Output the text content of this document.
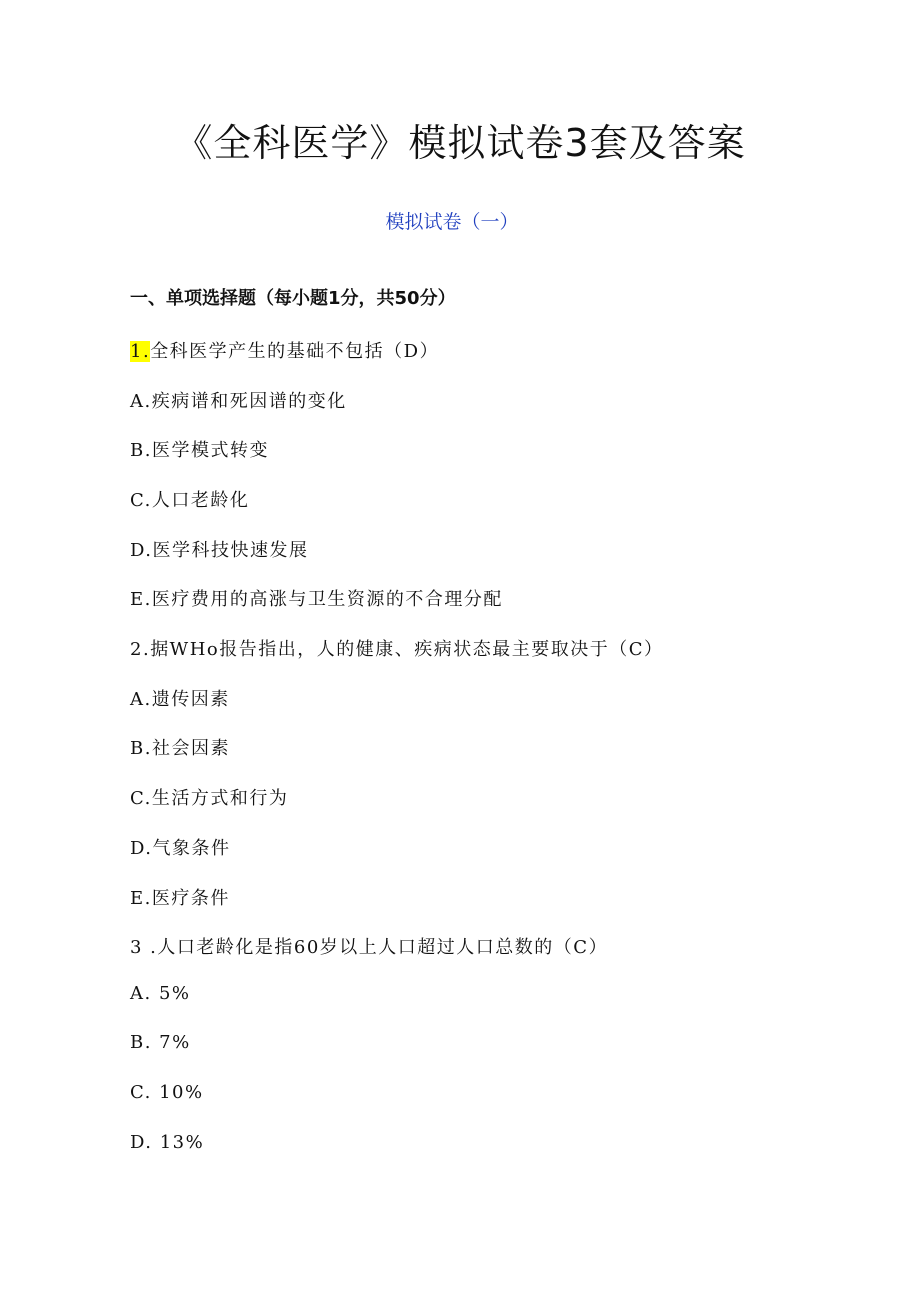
《全科医学》模拟试卷3套及答案
模拟试卷（一）
一、单项选择题（每小题1分，共50分）
1.全科医学产生的基础不包括（D）
A.疾病谱和死因谱的变化
B.医学模式转变
C.人口老龄化
D.医学科技快速发展
E.医疗费用的高涨与卫生资源的不合理分配
2.据WHo报告指出，人的健康、疾病状态最主要取决于（C）
A.遗传因素
B.社会因素
C.生活方式和行为
D.气象条件
E.医疗条件
3 .人口老龄化是指60岁以上人口超过人口总数的（C）
A. 5%
B. 7%
C. 10%
D. 13%
